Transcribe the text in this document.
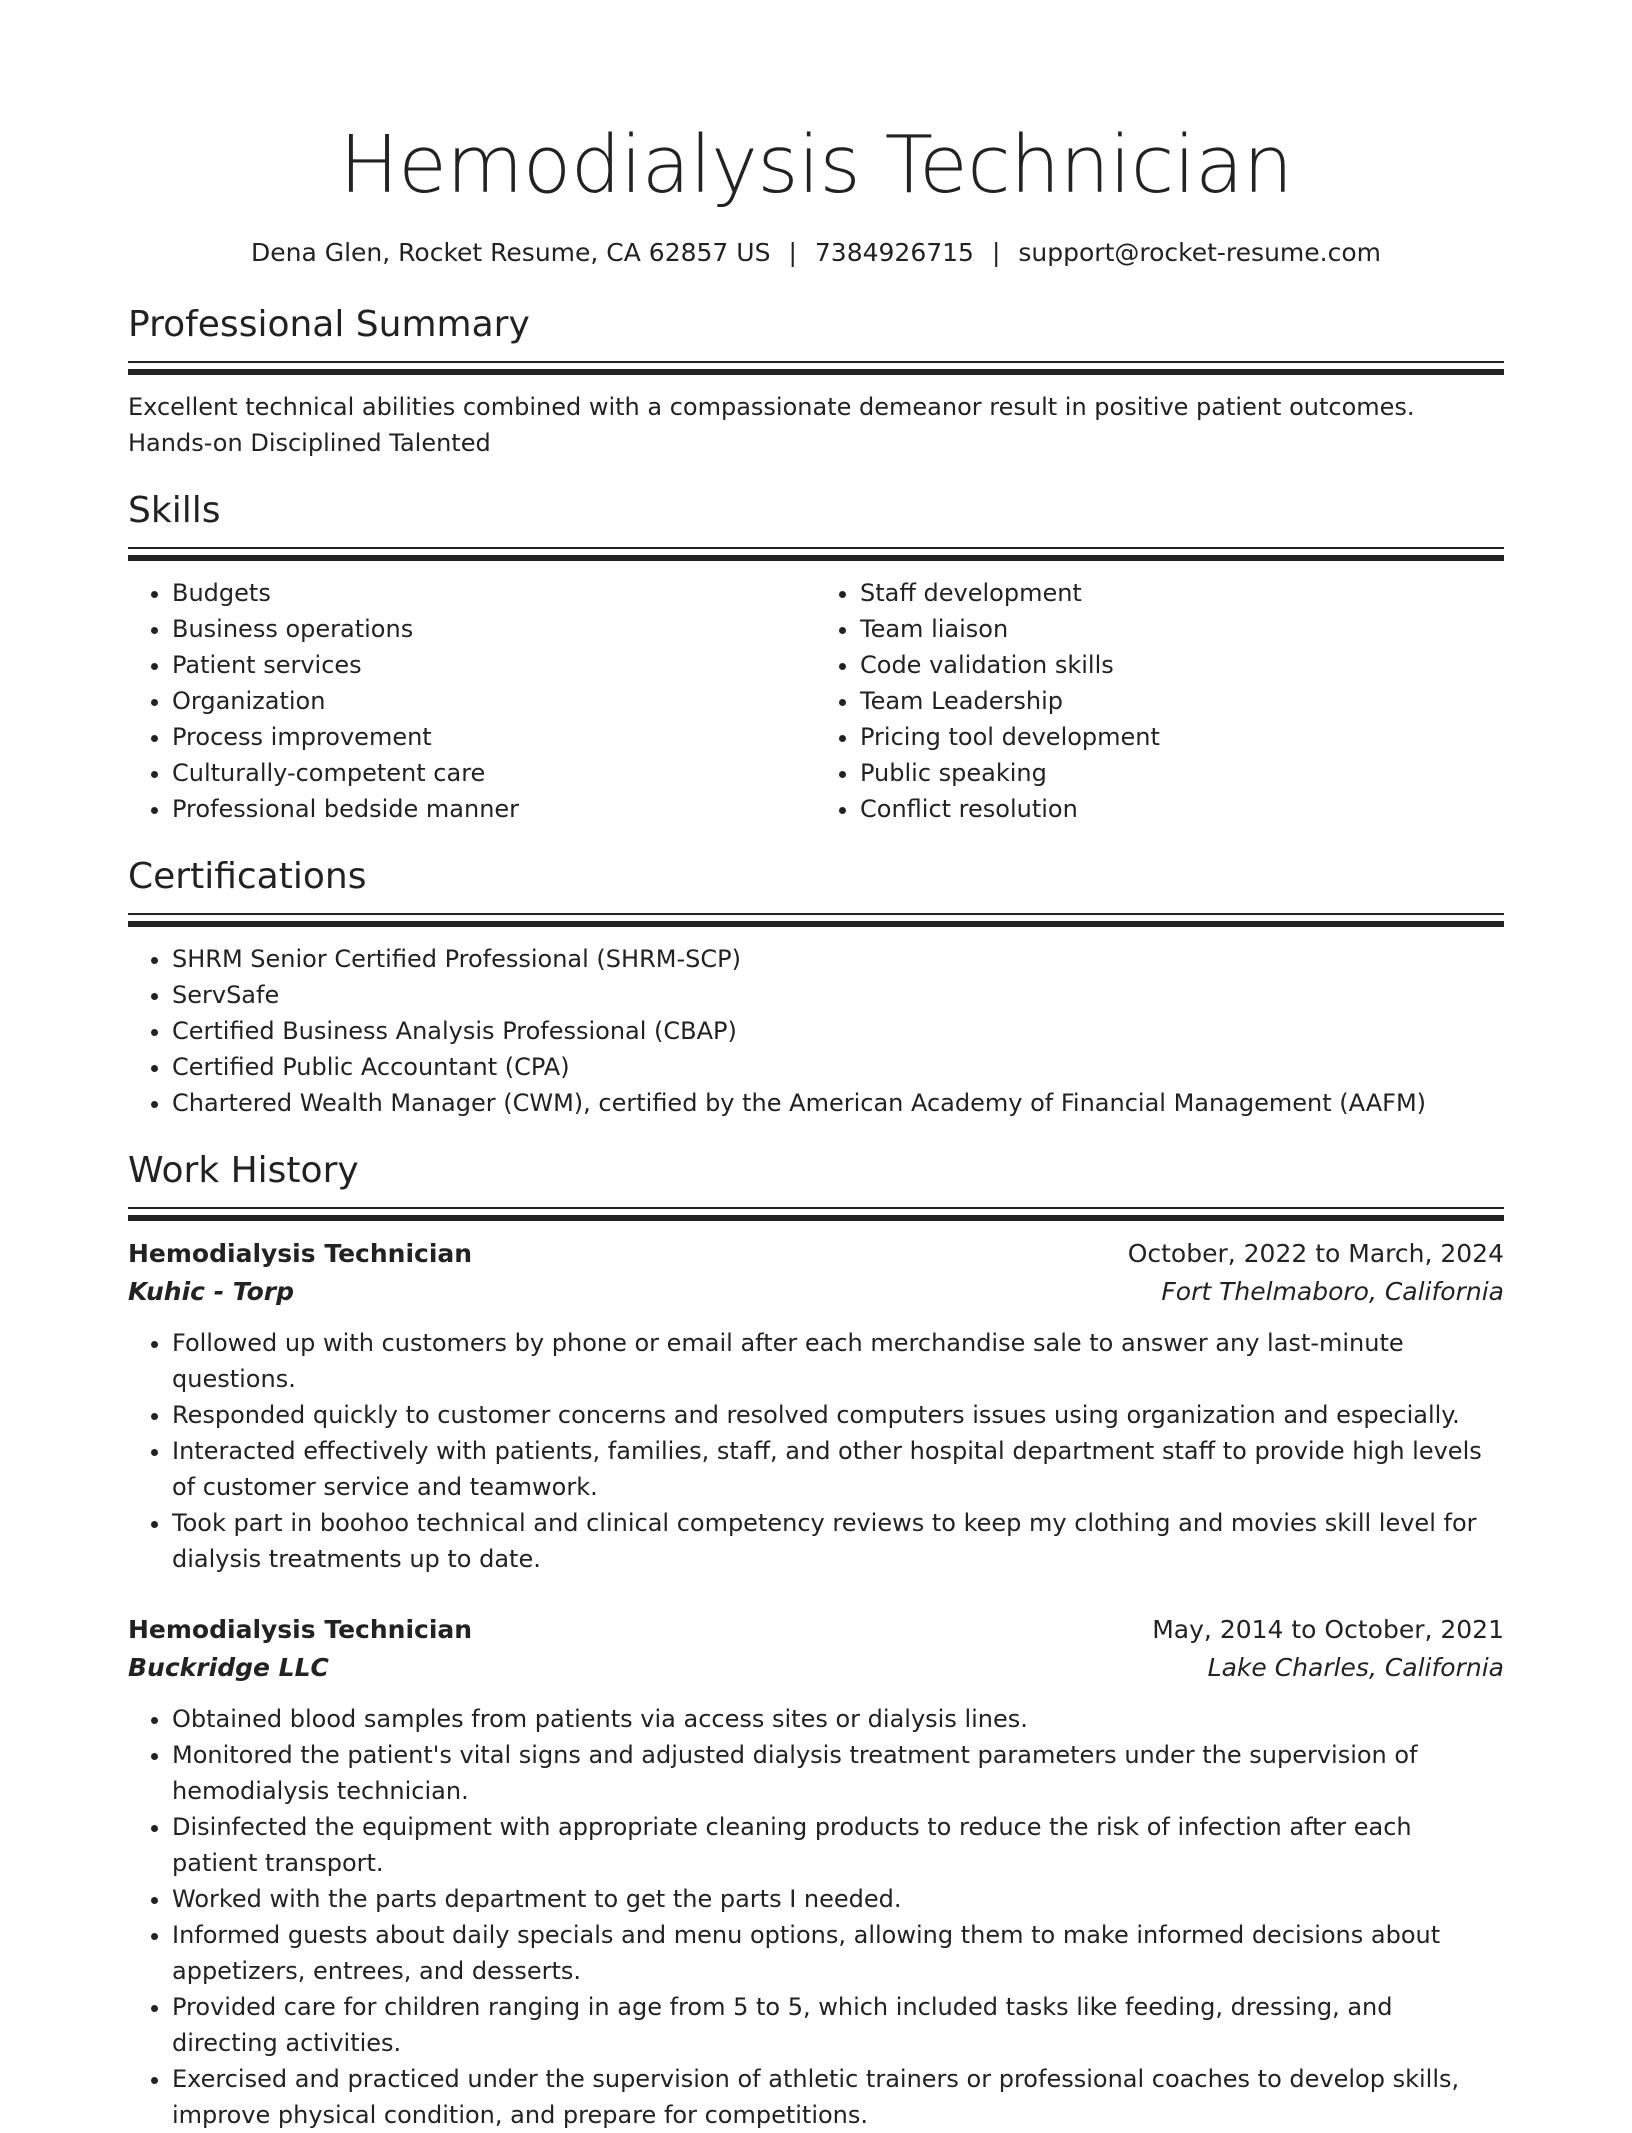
Hemodialysis Technician
Dena Glen, Rocket Resume, CA 62857 US | 7384926715 | support@rocket-resume.com
Professional Summary
Excellent technical abilities combined with a compassionate demeanor result in positive patient outcomes. Hands-on Disciplined Talented
Skills
• Budgets
• Business operations
• Patient services
• Organization
• Process improvement
• Culturally-competent care
• Professional bedside manner
• Staff development
• Team liaison
• Code validation skills
• Team Leadership
• Pricing tool development
• Public speaking
• Conflict resolution
Certifications
• SHRM Senior Certified Professional (SHRM-SCP)
• ServSafe
• Certified Business Analysis Professional (CBAP)
• Certified Public Accountant (CPA)
• Chartered Wealth Manager (CWM), certified by the American Academy of Financial Management (AAFM)
Work History
Hemodialysis Technician	October, 2022 to March, 2024
Kuhic - Torp	Fort Thelmaboro, California
• Followed up with customers by phone or email after each merchandise sale to answer any last-minute questions.
• Responded quickly to customer concerns and resolved computers issues using organization and especially.
• Interacted effectively with patients, families, staff, and other hospital department staff to provide high levels of customer service and teamwork.
• Took part in boohoo technical and clinical competency reviews to keep my clothing and movies skill level for dialysis treatments up to date.
Hemodialysis Technician	May, 2014 to October, 2021
Buckridge LLC	Lake Charles, California
• Obtained blood samples from patients via access sites or dialysis lines.
• Monitored the patient's vital signs and adjusted dialysis treatment parameters under the supervision of hemodialysis technician.
• Disinfected the equipment with appropriate cleaning products to reduce the risk of infection after each patient transport.
• Worked with the parts department to get the parts I needed.
• Informed guests about daily specials and menu options, allowing them to make informed decisions about appetizers, entrees, and desserts.
• Provided care for children ranging in age from 5 to 5, which included tasks like feeding, dressing, and directing activities.
• Exercised and practiced under the supervision of athletic trainers or professional coaches to develop skills, improve physical condition, and prepare for competitions.
